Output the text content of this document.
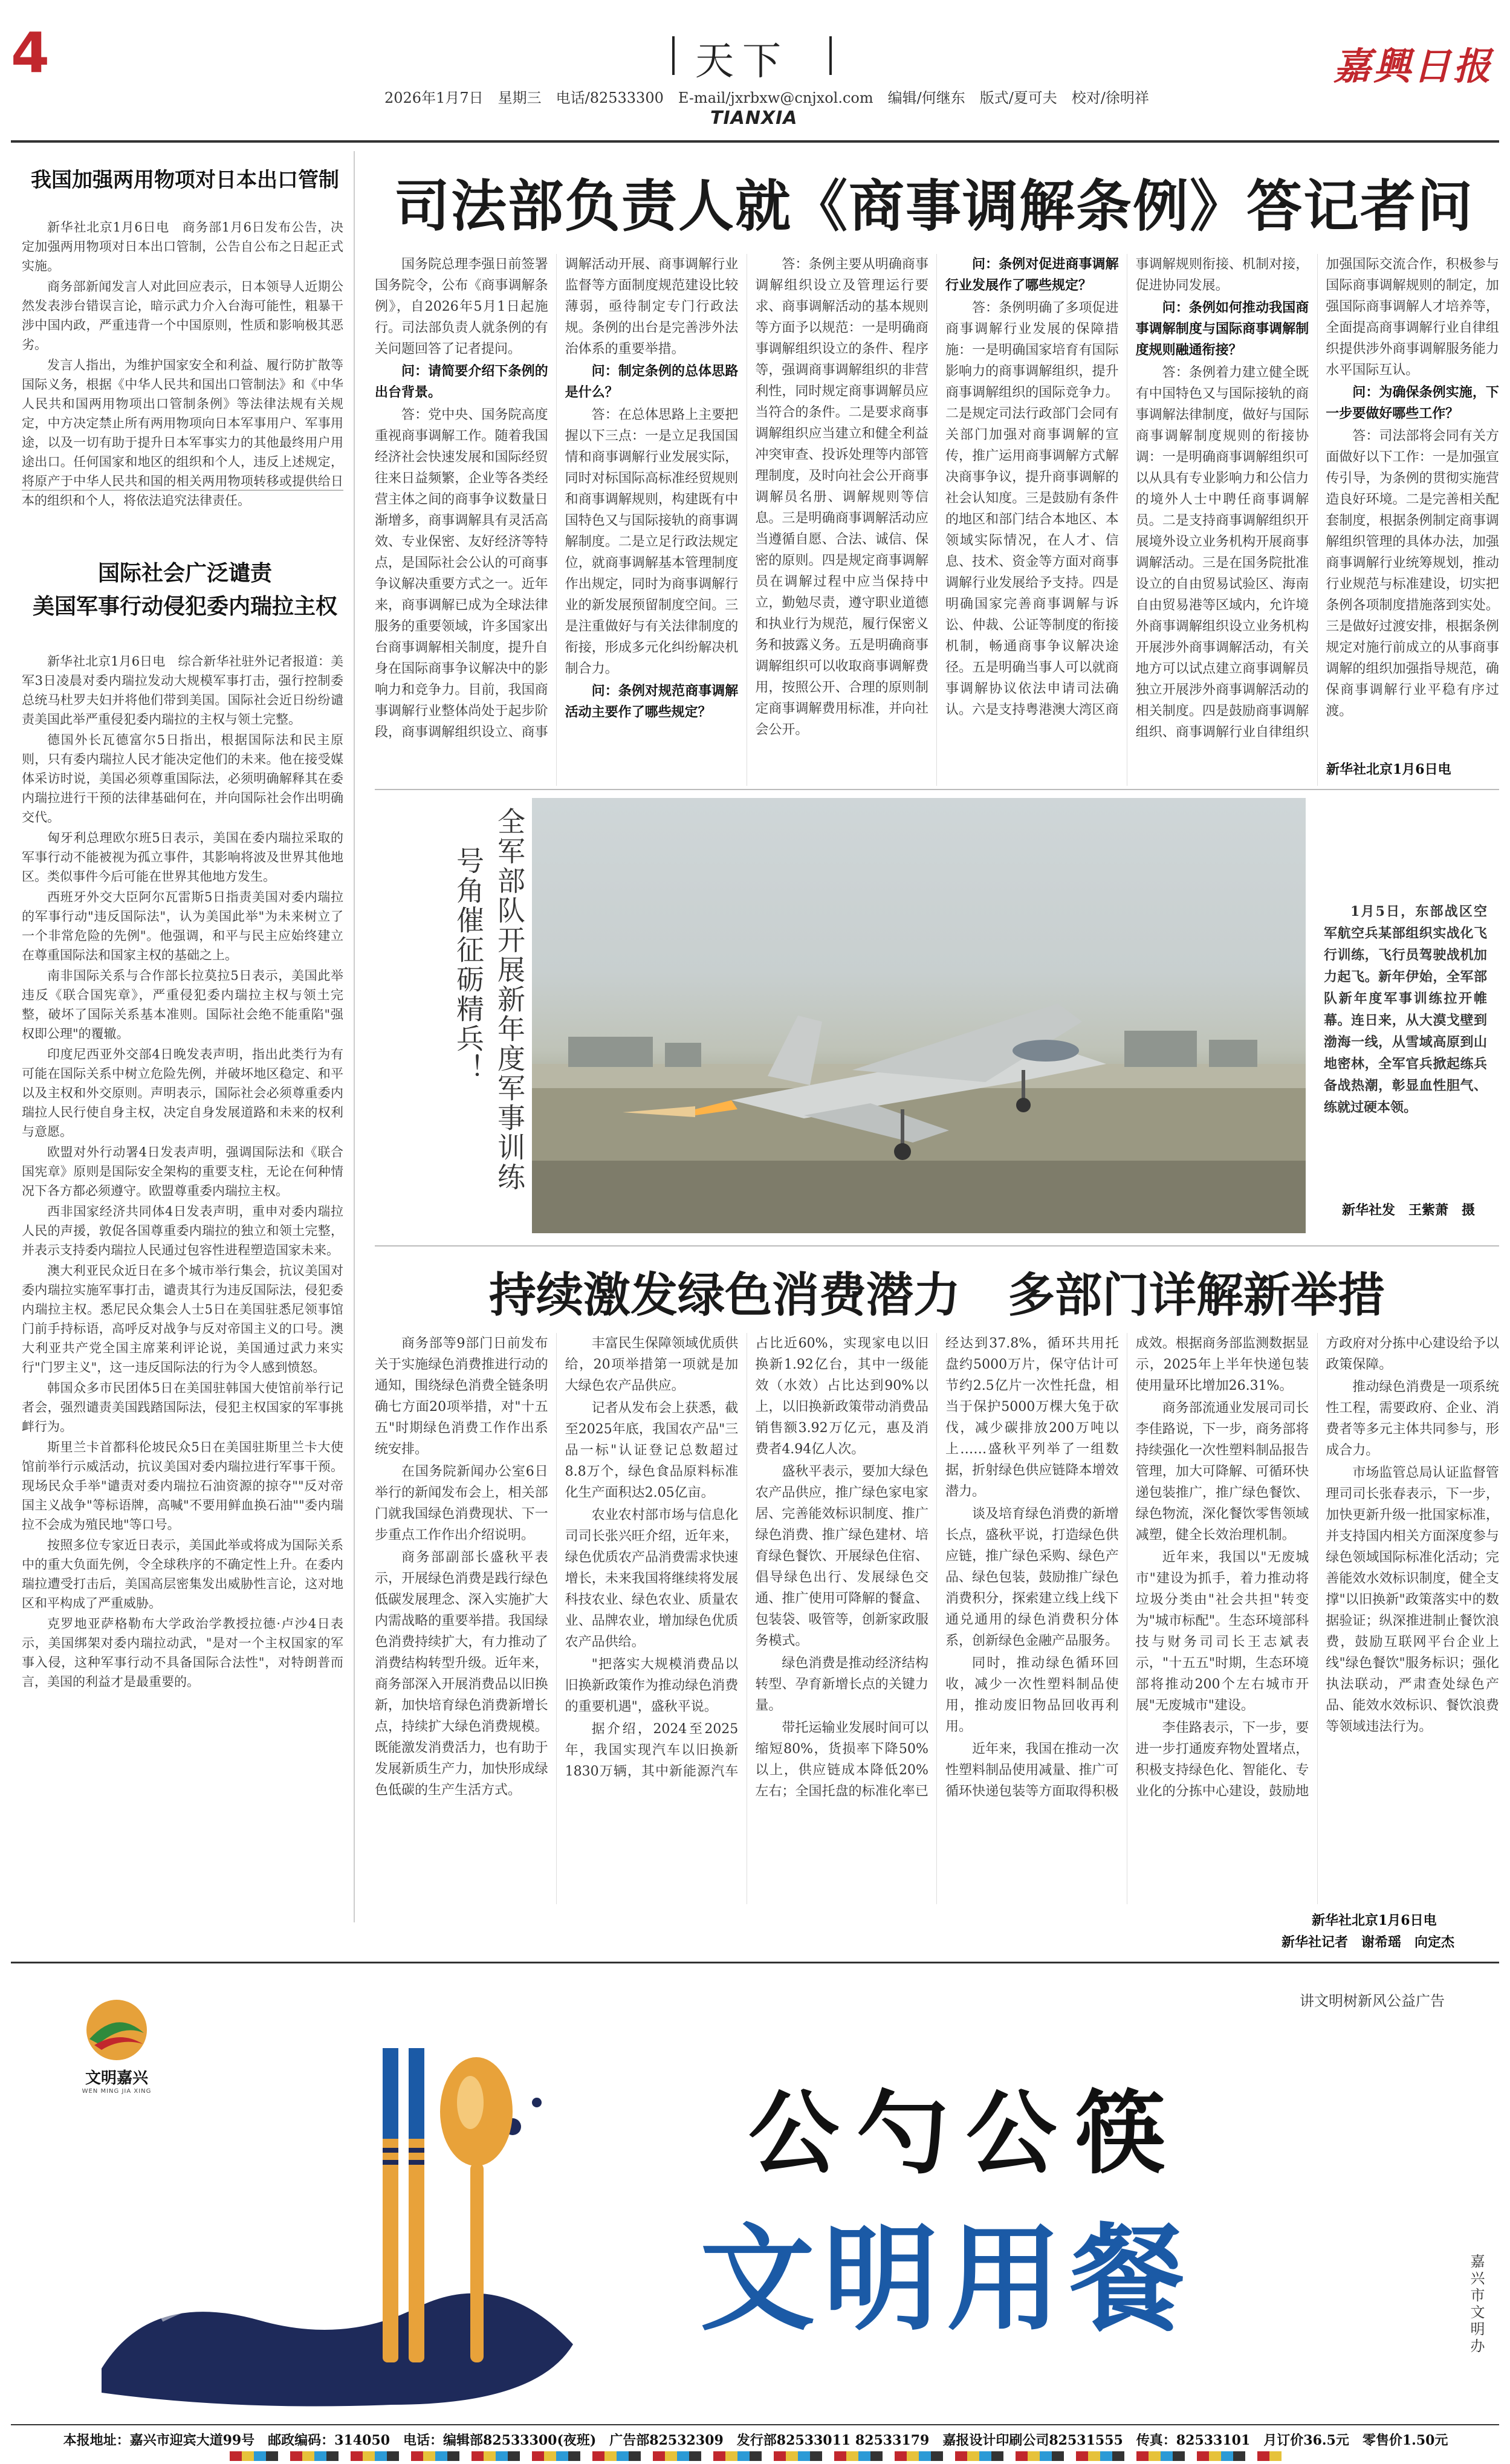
4	天下
2026年1月7日　星期三　电话/82533300　E-mail/jxrbxw@cnjxol.com　编辑/何继东　版式/夏可夫　校对/徐明祥
TIANXIA
嘉興日报
我国加强两用物项对日本出口管制

新华社北京1月6日电　商务部1月6日发布公告，决定加强两用物项对日本出口管制，公告自公布之日起正式实施。

商务部新闻发言人对此回应表示，日本领导人近期公然发表涉台错误言论，暗示武力介入台海可能性，粗暴干涉中国内政，严重违背一个中国原则，性质和影响极其恶劣。

发言人指出，为维护国家安全和利益、履行防扩散等国际义务，根据《中华人民共和国出口管制法》和《中华人民共和国两用物项出口管制条例》等法律法规有关规定，中方决定禁止所有两用物项向日本军事用户、军事用途，以及一切有助于提升日本军事实力的其他最终用户用途出口。任何国家和地区的组织和个人，违反上述规定，将原产于中华人民共和国的相关两用物项转移或提供给日本的组织和个人，将依法追究法律责任。

国际社会广泛谴责
美国军事行动侵犯委内瑞拉主权

新华社北京1月6日电　综合新华社驻外记者报道：美军3日凌晨对委内瑞拉发动大规模军事打击，强行控制委总统马杜罗夫妇并将他们带到美国。国际社会近日纷纷谴责美国此举严重侵犯委内瑞拉的主权与领土完整。

德国外长瓦德富尔5日指出，根据国际法和民主原则，只有委内瑞拉人民才能决定他们的未来。他在接受媒体采访时说，美国必须尊重国际法，必须明确解释其在委内瑞拉进行干预的法律基础何在，并向国际社会作出明确交代。

匈牙利总理欧尔班5日表示，美国在委内瑞拉采取的军事行动不能被视为孤立事件，其影响将波及世界其他地区。类似事件今后可能在世界其他地方发生。

西班牙外交大臣阿尔瓦雷斯5日指责美国对委内瑞拉的军事行动"违反国际法"，认为美国此举"为未来树立了一个非常危险的先例"。他强调，和平与民主应始终建立在尊重国际法和国家主权的基础之上。

南非国际关系与合作部长拉莫拉5日表示，美国此举违反《联合国宪章》，严重侵犯委内瑞拉主权与领土完整，破坏了国际关系基本准则。国际社会绝不能重陷"强权即公理"的覆辙。

印度尼西亚外交部4日晚发表声明，指出此类行为有可能在国际关系中树立危险先例，并破坏地区稳定、和平以及主权和外交原则。声明表示，国际社会必须尊重委内瑞拉人民行使自身主权，决定自身发展道路和未来的权利与意愿。

欧盟对外行动署4日发表声明，强调国际法和《联合国宪章》原则是国际安全架构的重要支柱，无论在何种情况下各方都必须遵守。欧盟尊重委内瑞拉主权。

西非国家经济共同体4日发表声明，重申对委内瑞拉人民的声援，敦促各国尊重委内瑞拉的独立和领土完整，并表示支持委内瑞拉人民通过包容性进程塑造国家未来。

澳大利亚民众近日在多个城市举行集会，抗议美国对委内瑞拉实施军事打击，谴责其行为违反国际法，侵犯委内瑞拉主权。悉尼民众集会人士5日在美国驻悉尼领事馆门前手持标语，高呼反对战争与反对帝国主义的口号。澳大利亚共产党全国主席莱利评论说，美国通过武力来实行"门罗主义"，这一违反国际法的行为令人感到愤怒。

韩国众多市民团体5日在美国驻韩国大使馆前举行记者会，强烈谴责美国践踏国际法，侵犯主权国家的军事挑衅行为。

斯里兰卡首都科伦坡民众5日在美国驻斯里兰卡大使馆前举行示威活动，抗议美国对委内瑞拉进行军事干预。现场民众手举"谴责对委内瑞拉石油资源的掠夺""反对帝国主义战争"等标语牌，高喊"不要用鲜血换石油""委内瑞拉不会成为殖民地"等口号。

按照多位专家近日表示，美国此举或将成为国际关系中的重大负面先例，令全球秩序的不确定性上升。在委内瑞拉遭受打击后，美国高层密集发出威胁性言论，这对地区和平构成了严重威胁。

克罗地亚萨格勒布大学政治学教授拉德·卢沙4日表示，美国绑架对委内瑞拉动武，"是对一个主权国家的军事入侵，这种军事行动不具备国际合法性"，对特朗普而言，美国的利益才是最重要的。

司法部负责人就《商事调解条例》答记者问

国务院总理李强日前签署国务院令，公布《商事调解条例》，自2026年5月1日起施行。司法部负责人就条例的有关问题回答了记者提问。

问：请简要介绍下条例的出台背景。

答：党中央、国务院高度重视商事调解工作。随着我国经济社会快速发展和国际经贸往来日益频繁，企业等各类经营主体之间的商事争议数量日渐增多，商事调解具有灵活高效、专业保密、友好经济等特点，是国际社会公认的可商事争议解决重要方式之一。近年来，商事调解已成为全球法律服务的重要领域，许多国家出台商事调解相关制度，提升自身在国际商事争议解决中的影响力和竞争力。目前，我国商事调解行业整体尚处于起步阶段，商事调解组织设立、商事调解活动开展、商事调解行业监督等方面制度规范建设比较薄弱，亟待制定专门行政法规。条例的出台是完善涉外法治体系的重要举措。

问：制定条例的总体思路是什么？

答：在总体思路上主要把握以下三点：一是立足我国国情和商事调解行业发展实际，同时对标国际高标准经贸规则和商事调解规则，构建既有中国特色又与国际接轨的商事调解制度。二是立足行政法规定位，就商事调解基本管理制度作出规定，同时为商事调解行业的新发展预留制度空间。三是注重做好与有关法律制度的衔接，形成多元化纠纷解决机制合力。

问：条例对规范商事调解活动主要作了哪些规定？

答：条例主要从明确商事调解组织设立及管理运行要求、商事调解活动的基本规则等方面予以规范：一是明确商事调解组织设立的条件、程序等，强调商事调解组织的非营利性，同时规定商事调解员应当符合的条件。二是要求商事调解组织应当建立和健全利益冲突审查、投诉处理等内部管理制度，及时向社会公开商事调解员名册、调解规则等信息。三是明确商事调解活动应当遵循自愿、合法、诚信、保密的原则。四是规定商事调解员在调解过程中应当保持中立，勤勉尽责，遵守职业道德和执业行为规范，履行保密义务和披露义务。五是明确商事调解组织可以收取商事调解费用，按照公开、合理的原则制定商事调解费用标准，并向社会公开。

问：条例对促进商事调解行业发展作了哪些规定？

答：条例明确了多项促进商事调解行业发展的保障措施：一是明确国家培育有国际影响力的商事调解组织，提升商事调解组织的国际竞争力。二是规定司法行政部门会同有关部门加强对商事调解的宣传，推广运用商事调解方式解决商事争议，提升商事调解的社会认知度。三是鼓励有条件的地区和部门结合本地区、本领域实际情况，在人才、信息、技术、资金等方面对商事调解行业发展给予支持。四是明确国家完善商事调解与诉讼、仲裁、公证等制度的衔接机制，畅通商事争议解决途径。五是明确当事人可以就商事调解协议依法申请司法确认。六是支持粤港澳大湾区商事调解规则衔接、机制对接，促进协同发展。

问：条例如何推动我国商事调解制度与国际商事调解制度规则融通衔接？

答：条例着力建立健全既有中国特色又与国际接轨的商事调解法律制度，做好与国际商事调解制度规则的衔接协调：一是明确商事调解组织可以从具有专业影响力和公信力的境外人士中聘任商事调解员。二是支持商事调解组织开展境外设立业务机构开展商事调解活动。三是在国务院批准设立的自由贸易试验区、海南自由贸易港等区域内，允许境外商事调解组织设立业务机构开展涉外商事调解活动，有关地方可以试点建立商事调解员独立开展涉外商事调解活动的相关制度。四是鼓励商事调解组织、商事调解行业自律组织加强国际交流合作，积极参与国际商事调解规则的制定，加强国际商事调解人才培养等，全面提高商事调解行业自律组织提供涉外商事调解服务能力水平国际互认。

问：为确保条例实施，下一步要做好哪些工作？

答：司法部将会同有关方面做好以下工作：一是加强宣传引导，为条例的贯彻实施营造良好环境。二是完善相关配套制度，根据条例制定商事调解组织管理的具体办法，加强商事调解行业统筹规划，推动行业规范与标准建设，切实把条例各项制度措施落到实处。三是做好过渡安排，根据条例规定对施行前成立的从事商事调解的组织加强指导规范，确保商事调解行业平稳有序过渡。

新华社北京1月6日电
全军部队开展新年度军事训练
号角催征砺精兵！	1月5日，东部战区空军航空兵某部组织实战化飞行训练，飞行员驾驶战机加力起飞。新年伊始，全军部队新年度军事训练拉开帷幕。连日来，从大漠戈壁到渤海一线，从雪域高原到山地密林，全军官兵掀起练兵备战热潮，彰显血性胆气、练就过硬本领。
新华社发　王紫萧　摄
持续激发绿色消费潜力　多部门详解新举措

商务部等9部门日前发布关于实施绿色消费推进行动的通知，围绕绿色消费全链条明确七方面20项举措，对"十五五"时期绿色消费工作作出系统安排。

在国务院新闻办公室6日举行的新闻发布会上，相关部门就我国绿色消费现状、下一步重点工作作出介绍说明。

商务部副部长盛秋平表示，开展绿色消费是践行绿色低碳发展理念、深入实施扩大内需战略的重要举措。我国绿色消费持续扩大，有力推动了消费结构转型升级。近年来，商务部深入开展消费品以旧换新，加快培育绿色消费新增长点，持续扩大绿色消费规模。既能激发消费活力，也有助于发展新质生产力，加快形成绿色低碳的生产生活方式。

丰富民生保障领域优质供给，20项举措第一项就是加大绿色农产品供应。

记者从发布会上获悉，截至2025年底，我国农产品"三品一标"认证登记总数超过8.8万个，绿色食品原料标准化生产面积达2.05亿亩。

农业农村部市场与信息化司司长张兴旺介绍，近年来，绿色优质农产品消费需求快速增长，未来我国将继续将发展科技农业、绿色农业、质量农业、品牌农业，增加绿色优质农产品供给。

"把落实大规模消费品以旧换新政策作为推动绿色消费的重要机遇"，盛秋平说。

据介绍，2024至2025年，我国实现汽车以旧换新1830万辆，其中新能源汽车占比近60%，实现家电以旧换新1.92亿台，其中一级能效（水效）占比达到90%以上，以旧换新政策带动消费品销售额3.92万亿元，惠及消费者4.94亿人次。

盛秋平表示，要加大绿色农产品供应，推广绿色家电家居、完善能效标识制度、推广绿色消费、推广绿色建材、培育绿色餐饮、开展绿色住宿、倡导绿色出行、发展绿色交通、推广使用可降解的餐盒、包装袋、吸管等，创新家政服务模式。

绿色消费是推动经济结构转型、孕育新增长点的关键力量。

带托运输业发展时间可以缩短80%，货损率下降50%以上，供应链成本降低20%左右；全国托盘的标准化率已经达到37.8%，循环共用托盘约5000万片，保守估计可节约2.5亿片一次性托盘，相当于保护5000万棵大兔于砍伐，减少碳排放200万吨以上……盛秋平列举了一组数据，折射绿色供应链降本增效潜力。

谈及培育绿色消费的新增长点，盛秋平说，打造绿色供应链，推广绿色采购、绿色产品、绿色包装，鼓励推广绿色消费积分，探索建立线上线下通兑通用的绿色消费积分体系，创新绿色金融产品服务。

同时，推动绿色循环回收，减少一次性塑料制品使用，推动废旧物品回收再利用。

近年来，我国在推动一次性塑料制品使用减量、推广可循环快递包装等方面取得积极成效。根据商务部监测数据显示，2025年上半年快递包装使用量环比增加26.31%。

商务部流通业发展司司长李佳路说，下一步，商务部将持续强化一次性塑料制品报告管理，加大可降解、可循环快递包装推广，推广绿色餐饮、绿色物流，深化餐饮零售领域减塑，健全长效治理机制。

近年来，我国以"无废城市"建设为抓手，着力推动将垃圾分类由"社会共担"转变为"城市标配"。生态环境部科技与财务司司长王志斌表示，"十五五"时期，生态环境部将推动200个左右城市开展"无废城市"建设。

李佳路表示，下一步，要进一步打通废弃物处置堵点，积极支持绿色化、智能化、专业化的分拣中心建设，鼓励地方政府对分拣中心建设给予以政策保障。

推动绿色消费是一项系统性工程，需要政府、企业、消费者等多元主体共同参与，形成合力。

市场监管总局认证监督管理司司长张春表示，下一步，加快更新升级一批国家标准，并支持国内相关方面深度参与绿色领域国际标准化活动；完善能效水效标识制度，健全支撑"以旧换新"政策落实中的数据验证；纵深推进制止餐饮浪费，鼓励互联网平台企业上线"绿色餐饮"服务标识；强化执法联动，严肃查处绿色产品、能效水效标识、餐饮浪费等领域违法行为。

新华社北京1月6日电
新华社记者　谢希瑶　向定杰
讲文明树新风公益广告
文明嘉兴
WEN MING JIA XING	公勺公筷
文明用餐	嘉兴市文明办
本报地址：嘉兴市迎宾大道99号　邮政编码：314050　电话：编辑部82533300(夜班)　广告部82532309　发行部82533011 82533179　嘉报设计印刷公司82531555　传真：82533101　月订价36.5元　零售价1.50元
